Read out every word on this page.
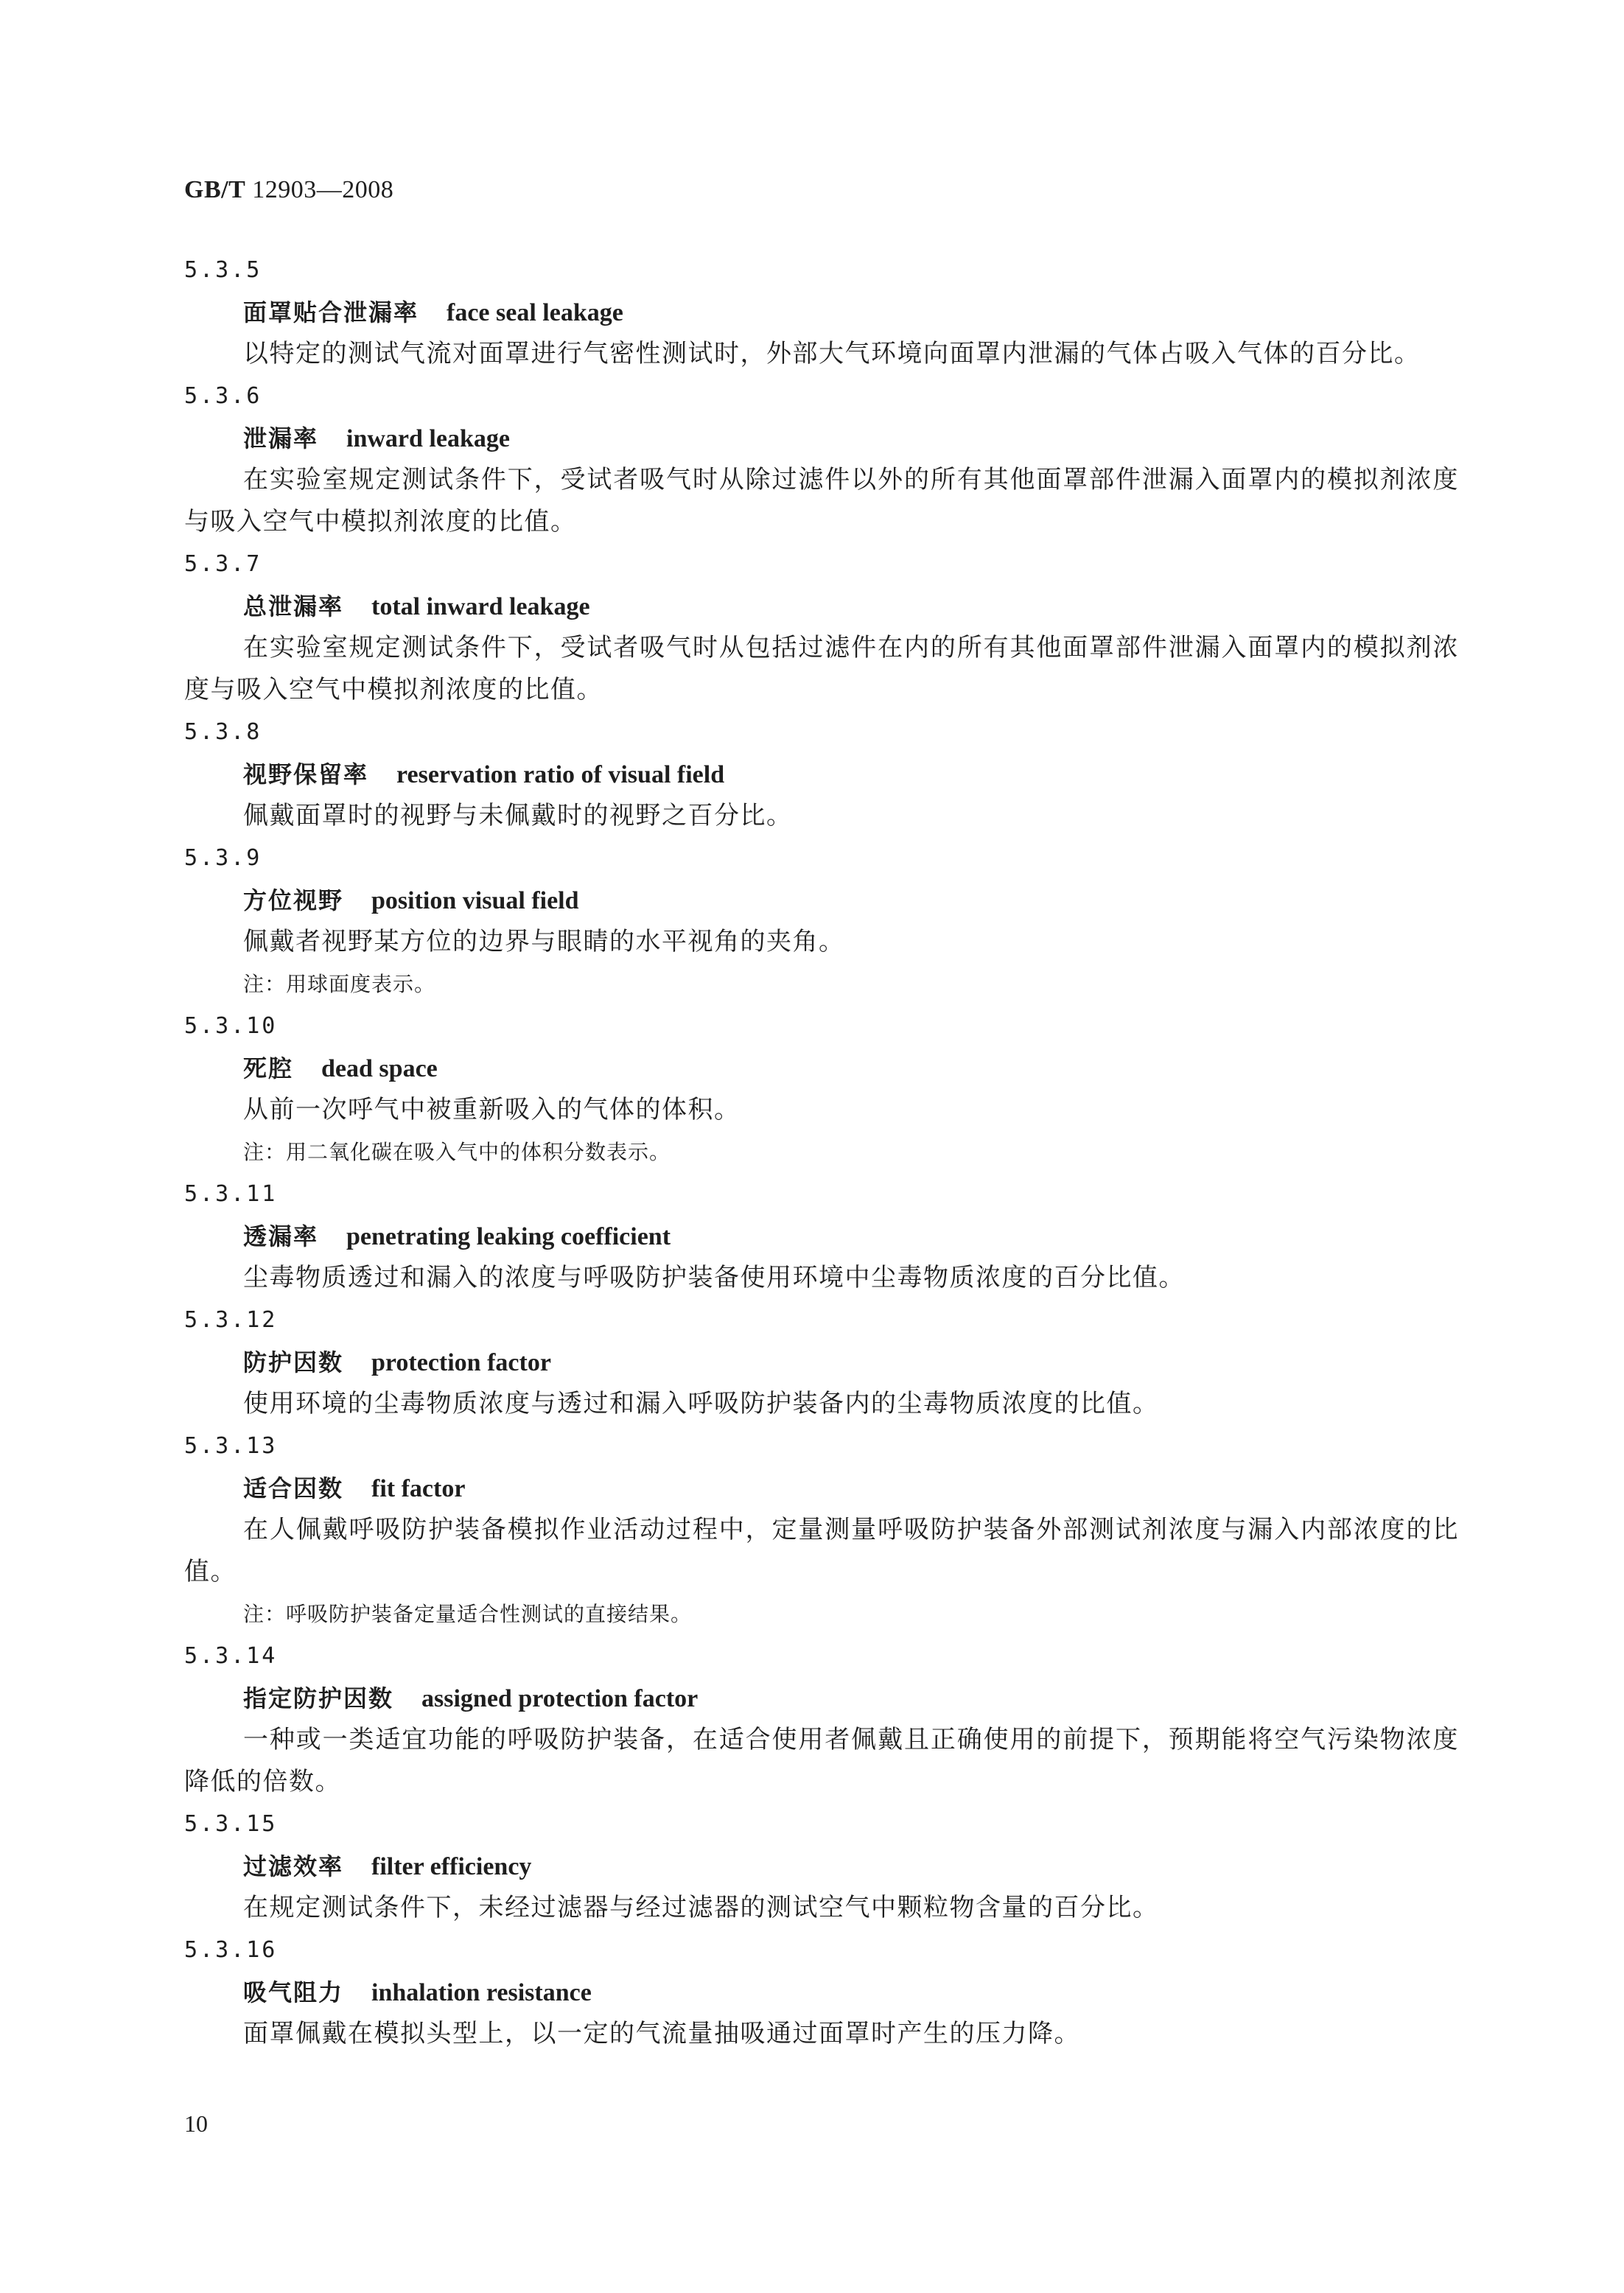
GB/T 12903—2008
5.3.5
面罩贴合泄漏率 face seal leakage

以特定的测试气流对面罩进行气密性测试时，外部大气环境向面罩内泄漏的气体占吸入气体的百分比。

5.3.6
泄漏率 inward leakage

在实验室规定测试条件下，受试者吸气时从除过滤件以外的所有其他面罩部件泄漏入面罩内的模拟剂浓度与吸入空气中模拟剂浓度的比值。

5.3.7
总泄漏率 total inward leakage

在实验室规定测试条件下，受试者吸气时从包括过滤件在内的所有其他面罩部件泄漏入面罩内的模拟剂浓度与吸入空气中模拟剂浓度的比值。

5.3.8
视野保留率 reservation ratio of visual field

佩戴面罩时的视野与未佩戴时的视野之百分比。

5.3.9
方位视野 position visual field

佩戴者视野某方位的边界与眼睛的水平视角的夹角。

注：用球面度表示。
5.3.10
死腔 dead space

从前一次呼气中被重新吸入的气体的体积。

注：用二氧化碳在吸入气中的体积分数表示。
5.3.11
透漏率 penetrating leaking coefficient

尘毒物质透过和漏入的浓度与呼吸防护装备使用环境中尘毒物质浓度的百分比值。

5.3.12
防护因数 protection factor

使用环境的尘毒物质浓度与透过和漏入呼吸防护装备内的尘毒物质浓度的比值。

5.3.13
适合因数 fit factor

在人佩戴呼吸防护装备模拟作业活动过程中，定量测量呼吸防护装备外部测试剂浓度与漏入内部浓度的比值。

注：呼吸防护装备定量适合性测试的直接结果。
5.3.14
指定防护因数 assigned protection factor

一种或一类适宜功能的呼吸防护装备，在适合使用者佩戴且正确使用的前提下，预期能将空气污染物浓度降低的倍数。

5.3.15
过滤效率 filter efficiency

在规定测试条件下，未经过滤器与经过滤器的测试空气中颗粒物含量的百分比。

5.3.16
吸气阻力 inhalation resistance

面罩佩戴在模拟头型上，以一定的气流量抽吸通过面罩时产生的压力降。

10
